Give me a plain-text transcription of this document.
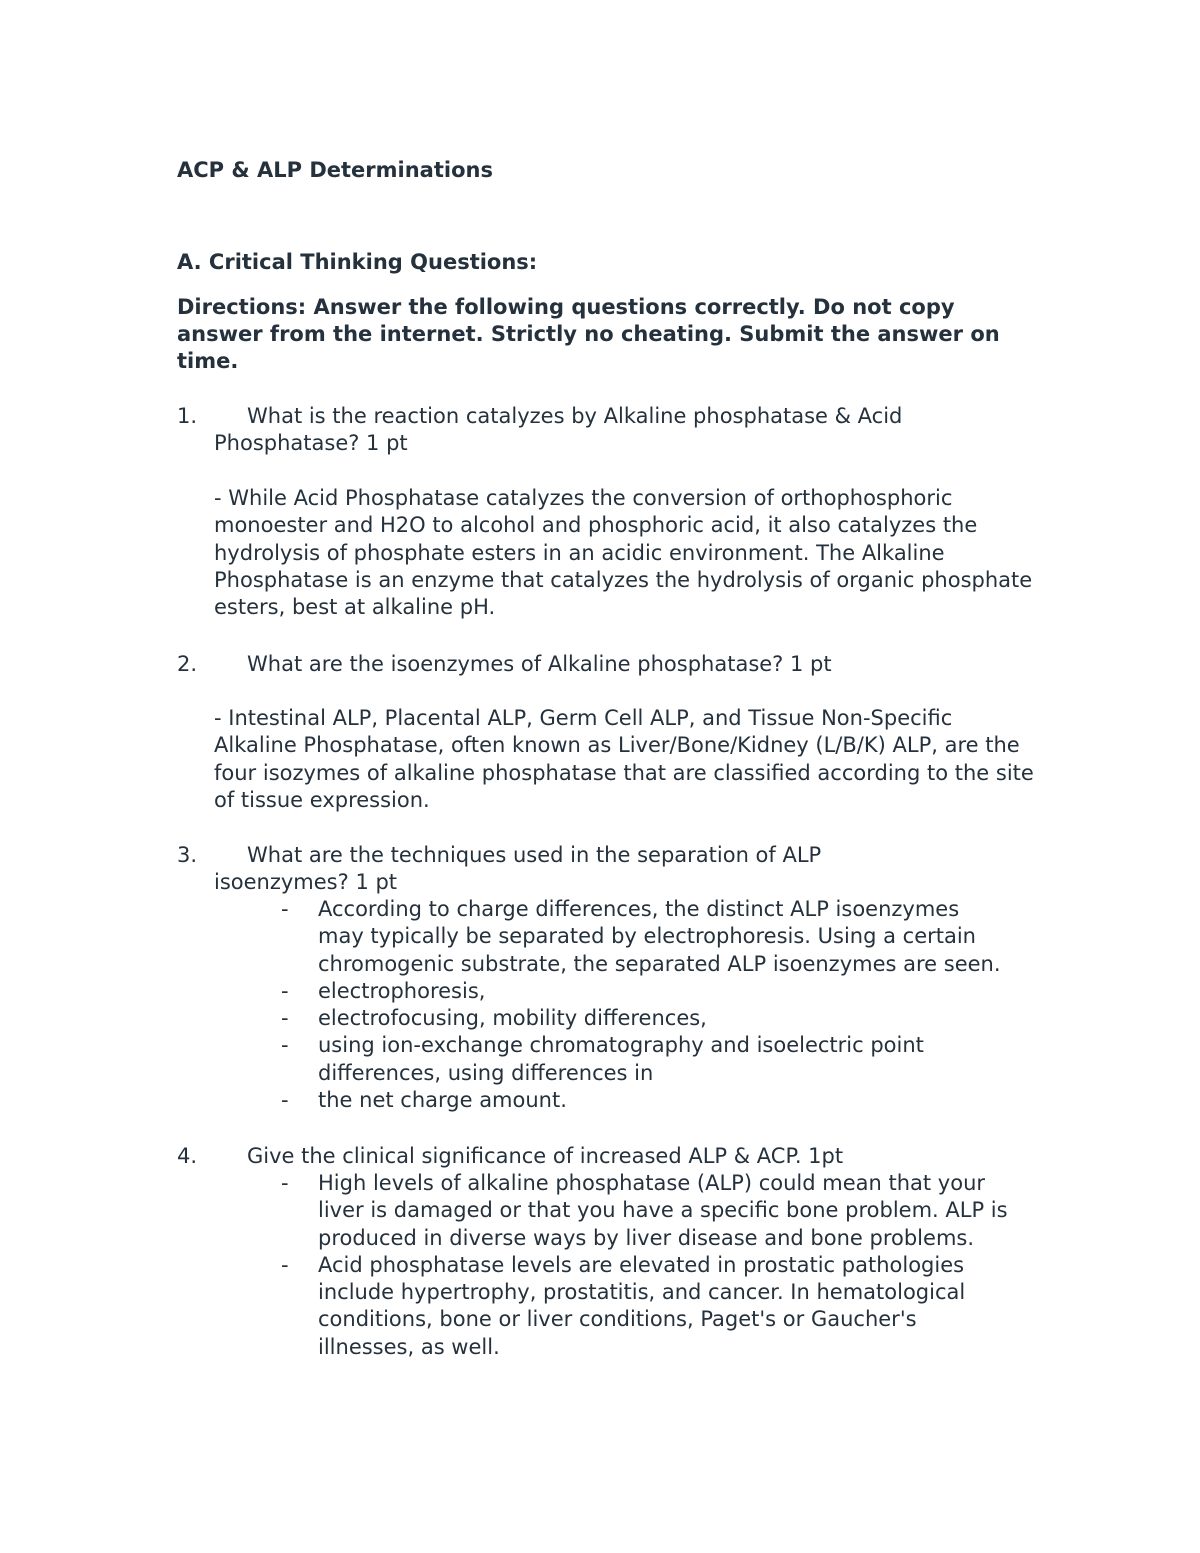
ACP & ALP Determinations
A. Critical Thinking Questions:
Directions: Answer the following questions correctly. Do not copy answer from the internet. Strictly no cheating. Submit the answer on time.
1.	What is the reaction catalyzes by Alkaline phosphatase & Acid
Phosphatase? 1 pt
- While Acid Phosphatase catalyzes the conversion of orthophosphoric monoester and H2O to alcohol and phosphoric acid, it also catalyzes the hydrolysis of phosphate esters in an acidic environment. The Alkaline Phosphatase is an enzyme that catalyzes the hydrolysis of organic phosphate esters, best at alkaline pH.
2.	What are the isoenzymes of Alkaline phosphatase? 1 pt
- Intestinal ALP, Placental ALP, Germ Cell ALP, and Tissue Non-Specific Alkaline Phosphatase, often known as Liver/Bone/Kidney (L/B/K) ALP, are the four isozymes of alkaline phosphatase that are classified according to the site of tissue expression.
3.	What are the techniques used in the separation of ALP
isoenzymes? 1 pt
- According to charge differences, the distinct ALP isoenzymes may typically be separated by electrophoresis. Using a certain chromogenic substrate, the separated ALP isoenzymes are seen.
- electrophoresis,
- electrofocusing, mobility differences,
- using ion-exchange chromatography and isoelectric point differences, using differences in
- the net charge amount.
4.	Give the clinical significance of increased ALP & ACP. 1pt
- High levels of alkaline phosphatase (ALP) could mean that your liver is damaged or that you have a specific bone problem. ALP is produced in diverse ways by liver disease and bone problems.
- Acid phosphatase levels are elevated in prostatic pathologies include hypertrophy, prostatitis, and cancer. In hematological conditions, bone or liver conditions, Paget's or Gaucher's illnesses, as well.
